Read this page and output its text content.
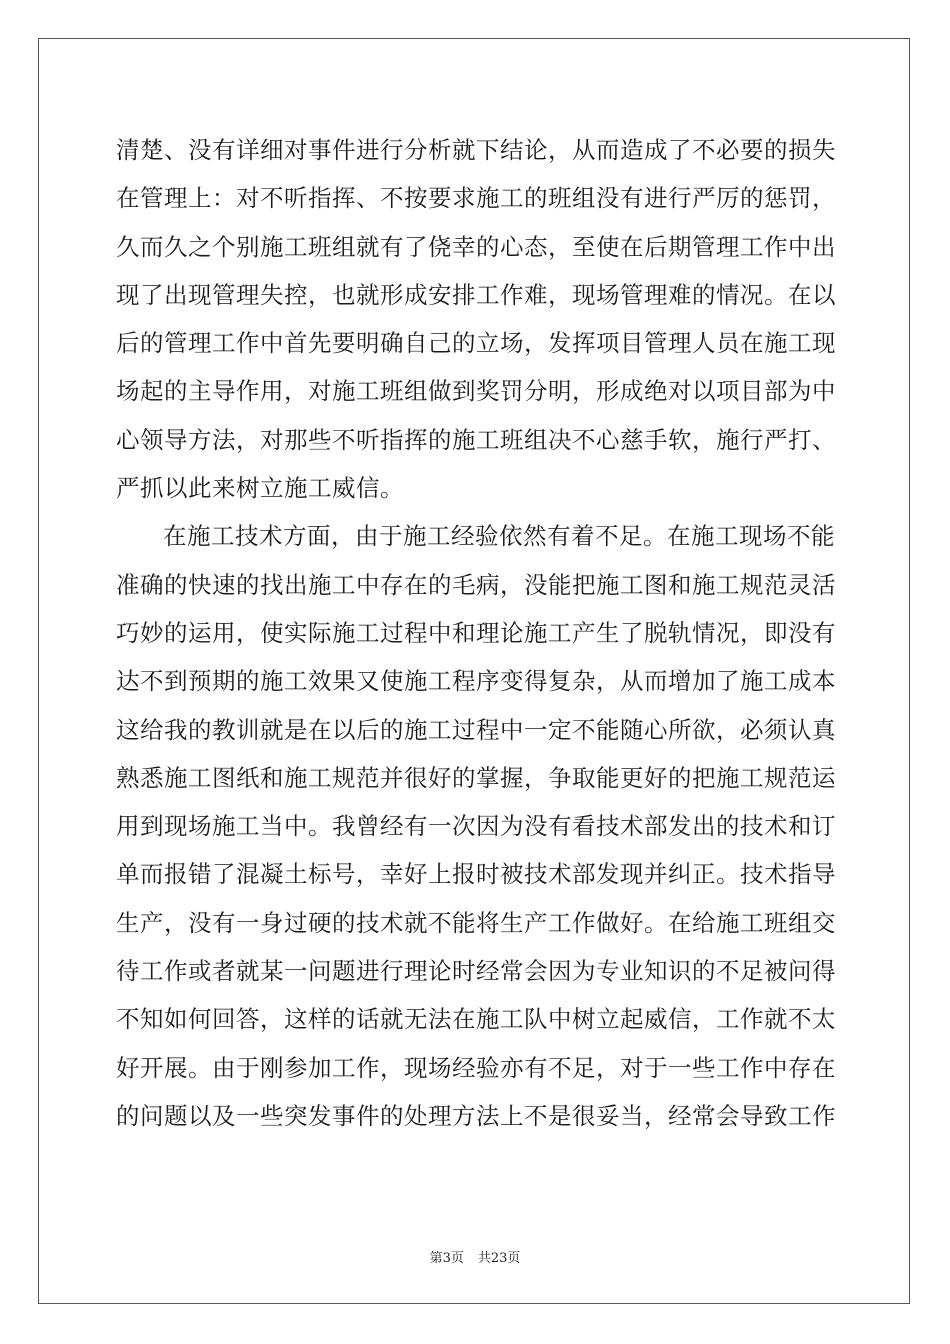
清楚、没有详细对事件进行分析就下结论，从而造成了不必要的损失
在管理上：对不听指挥、不按要求施工的班组没有进行严厉的惩罚，
久而久之个别施工班组就有了侥幸的心态，至使在后期管理工作中出
现了出现管理失控，也就形成安排工作难，现场管理难的情况。在以
后的管理工作中首先要明确自己的立场，发挥项目管理人员在施工现
场起的主导作用，对施工班组做到奖罚分明，形成绝对以项目部为中
心领导方法，对那些不听指挥的施工班组决不心慈手软，施行严打、
严抓以此来树立施工威信。
在施工技术方面，由于施工经验依然有着不足。在施工现场不能
准确的快速的找出施工中存在的毛病，没能把施工图和施工规范灵活
巧妙的运用，使实际施工过程中和理论施工产生了脱轨情况，即没有
达不到预期的施工效果又使施工程序变得复杂，从而增加了施工成本
这给我的教训就是在以后的施工过程中一定不能随心所欲，必须认真
熟悉施工图纸和施工规范并很好的掌握，争取能更好的把施工规范运
用到现场施工当中。我曾经有一次因为没有看技术部发出的技术和订
单而报错了混凝土标号，幸好上报时被技术部发现并纠正。技术指导
生产，没有一身过硬的技术就不能将生产工作做好。在给施工班组交
待工作或者就某一问题进行理论时经常会因为专业知识的不足被问得
不知如何回答，这样的话就无法在施工队中树立起威信，工作就不太
好开展。由于刚参加工作，现场经验亦有不足，对于一些工作中存在
的问题以及一些突发事件的处理方法上不是很妥当，经常会导致工作
第3页 共23页
